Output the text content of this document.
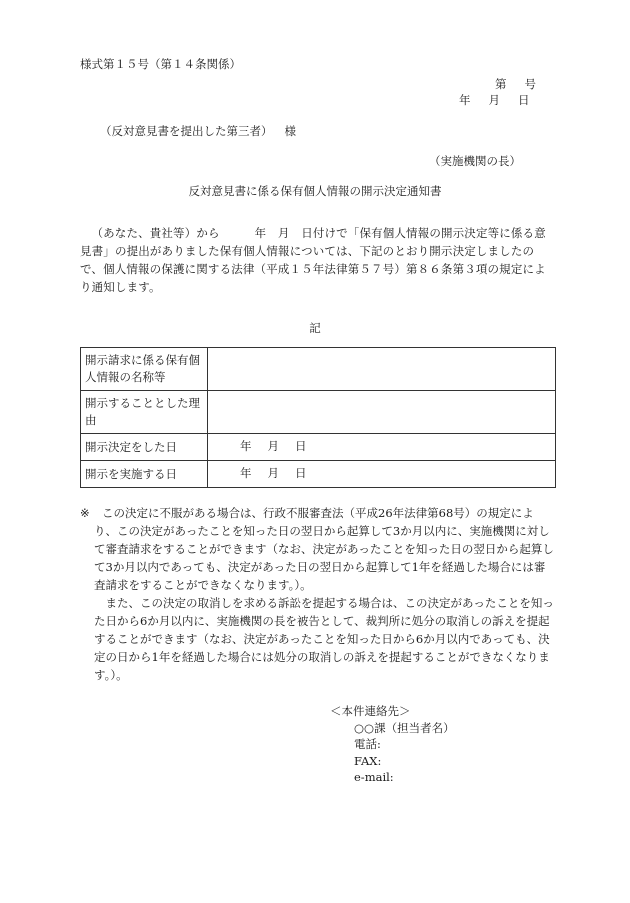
様式第１５号（第１４条関係）
第 号
年 月 日
（反対意見書を提出した第三者） 様
（実施機関の長）
反対意見書に係る保有個人情報の開示決定通知書
（あなた、貴社等）から　　　年　月　日付けで「保有個人情報の開示決定等に係る意見書」の提出がありました保有個人情報については、下記のとおり開示決定しましたので、個人情報の保護に関する法律（平成１５年法律第５７号）第８６条第３項の規定により通知します。
記
開示請求に係る保有個人情報の名称等	
開示することとした理由	
開示決定をした日	年 月 日
開示を実施する日	年 月 日
※	この決定に不服がある場合は、行政不服審査法（平成26年法律第68号）の規定により、この決定があったことを知った日の翌日から起算して3か月以内に、実施機関に対して審査請求をすることができます（なお、決定があったことを知った日の翌日から起算して3か月以内であっても、決定があった日の翌日から起算して1年を経過した場合には審査請求をすることができなくなります。）。
また、この決定の取消しを求める訴訟を提起する場合は、この決定があったことを知った日から6か月以内に、実施機関の長を被告として、裁判所に処分の取消しの訴えを提起することができます（なお、決定があったことを知った日から6か月以内であっても、決定の日から1年を経過した場合には処分の取消しの訴えを提起することができなくなります。）。
＜本件連絡先＞
○○課（担当者名）
電話:
FAX:
e-mail:
